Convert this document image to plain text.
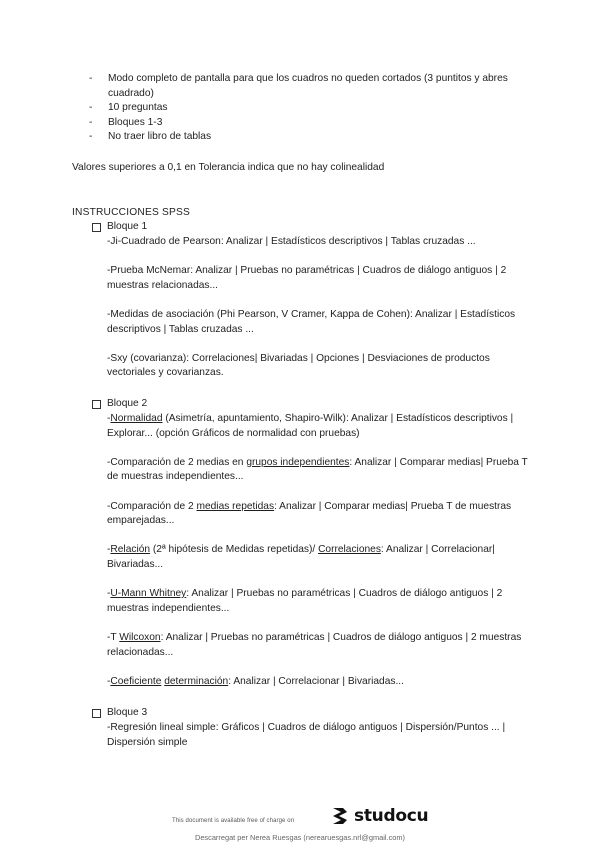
- Modo completo de pantalla para que los cuadros no queden cortados (3 puntitos y abres cuadrado)
- 10 preguntas
- Bloques 1-3
- No traer libro de tablas
Valores superiores a 0,1 en Tolerancia indica que no hay colinealidad
INSTRUCCIONES SPSS
Bloque 1
-Ji-Cuadrado de Pearson: Analizar | Estadísticos descriptivos | Tablas cruzadas ...
-Prueba McNemar: Analizar | Pruebas no paramétricas | Cuadros de diálogo antiguos | 2 muestras relacionadas...
-Medidas de asociación (Phi Pearson, V Cramer, Kappa de Cohen): Analizar | Estadísticos descriptivos | Tablas cruzadas ...
-Sxy (covarianza): Correlaciones| Bivariadas | Opciones | Desviaciones de productos vectoriales y covarianzas.
Bloque 2
-Normalidad (Asimetría, apuntamiento, Shapiro-Wilk): Analizar | Estadísticos descriptivos | Explorar... (opción Gráficos de normalidad con pruebas)
-Comparación de 2 medias en grupos independientes: Analizar | Comparar medias| Prueba T de muestras independientes...
-Comparación de 2 medias repetidas: Analizar | Comparar medias| Prueba T de muestras emparejadas...
-Relación (2ª hipótesis de Medidas repetidas)/ Correlaciones: Analizar | Correlacionar| Bivariadas...
-U-Mann Whitney: Analizar | Pruebas no paramétricas | Cuadros de diálogo antiguos | 2 muestras independientes...
-T Wilcoxon: Analizar | Pruebas no paramétricas | Cuadros de diálogo antiguos | 2 muestras relacionadas...
-Coeficiente determinación: Analizar | Correlacionar | Bivariadas...
Bloque 3
-Regresión lineal simple: Gráficos | Cuadros de diálogo antiguos | Dispersión/Puntos ... | Dispersión simple
This document is available free of charge on	studocu
Descarregat per Nerea Ruesgas (nerearuesgas.nrl@gmail.com)
